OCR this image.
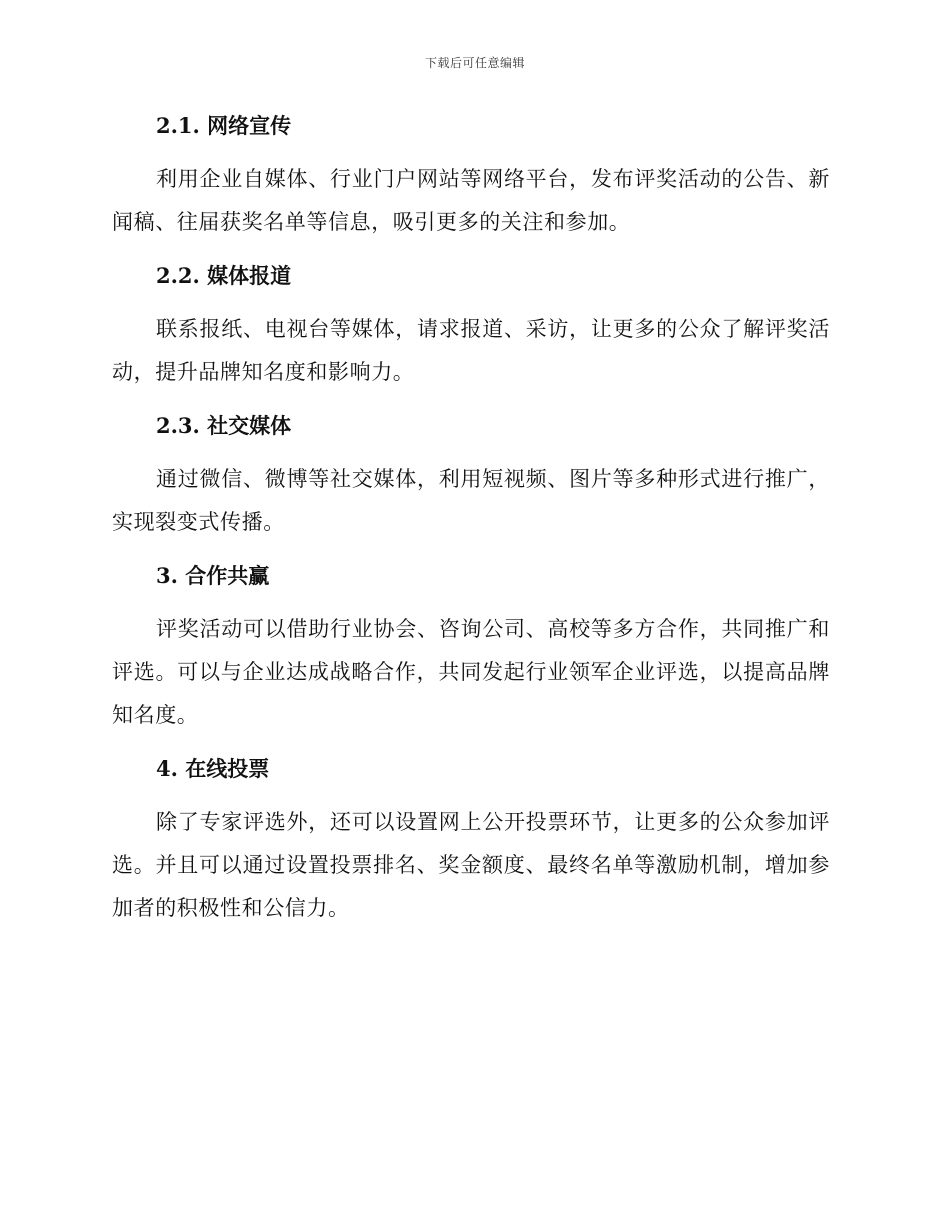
下载后可任意编辑
2.1. 网络宣传

利用企业自媒体、行业门户网站等网络平台，发布评奖活动的公告、新闻稿、往届获奖名单等信息，吸引更多的关注和参加。

2.2. 媒体报道

联系报纸、电视台等媒体，请求报道、采访，让更多的公众了解评奖活动，提升品牌知名度和影响力。

2.3. 社交媒体

通过微信、微博等社交媒体，利用短视频、图片等多种形式进行推广，实现裂变式传播。

3. 合作共赢

评奖活动可以借助行业协会、咨询公司、高校等多方合作，共同推广和评选。可以与企业达成战略合作，共同发起行业领军企业评选，以提高品牌知名度。

4. 在线投票

除了专家评选外，还可以设置网上公开投票环节，让更多的公众参加评选。并且可以通过设置投票排名、奖金额度、最终名单等激励机制，增加参加者的积极性和公信力。
